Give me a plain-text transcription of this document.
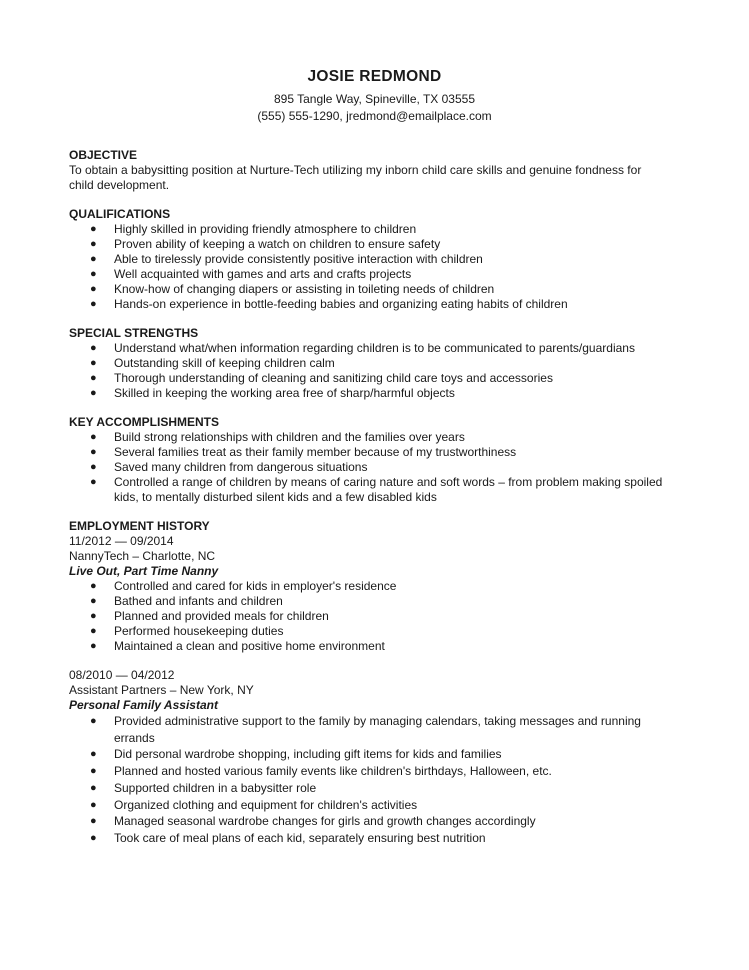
JOSIE REDMOND
895 Tangle Way, Spineville, TX 03555
(555) 555-1290, jredmond@emailplace.com
OBJECTIVE
To obtain a babysitting position at Nurture-Tech utilizing my inborn child care skills and genuine fondness for
child development.
QUALIFICATIONS
● Highly skilled in providing friendly atmosphere to children
● Proven ability of keeping a watch on children to ensure safety
● Able to tirelessly provide consistently positive interaction with children
● Well acquainted with games and arts and crafts projects
● Know-how of changing diapers or assisting in toileting needs of children
● Hands-on experience in bottle-feeding babies and organizing eating habits of children
SPECIAL STRENGTHS
● Understand what/when information regarding children is to be communicated to parents/guardians
● Outstanding skill of keeping children calm
● Thorough understanding of cleaning and sanitizing child care toys and accessories
● Skilled in keeping the working area free of sharp/harmful objects
KEY ACCOMPLISHMENTS
● Build strong relationships with children and the families over years
● Several families treat as their family member because of my trustworthiness
● Saved many children from dangerous situations
● Controlled a range of children by means of caring nature and soft words – from problem making spoiled
kids, to mentally disturbed silent kids and a few disabled kids
EMPLOYMENT HISTORY
11/2012 — 09/2014
NannyTech – Charlotte, NC
Live Out, Part Time Nanny
● Controlled and cared for kids in employer's residence
● Bathed and infants and children
● Planned and provided meals for children
● Performed housekeeping duties
● Maintained a clean and positive home environment
08/2010 — 04/2012
Assistant Partners – New York, NY
Personal Family Assistant
● Provided administrative support to the family by managing calendars, taking messages and running
errands
● Did personal wardrobe shopping, including gift items for kids and families
● Planned and hosted various family events like children's birthdays, Halloween, etc.
● Supported children in a babysitter role
● Organized clothing and equipment for children's activities
● Managed seasonal wardrobe changes for girls and growth changes accordingly
● Took care of meal plans of each kid, separately ensuring best nutrition
